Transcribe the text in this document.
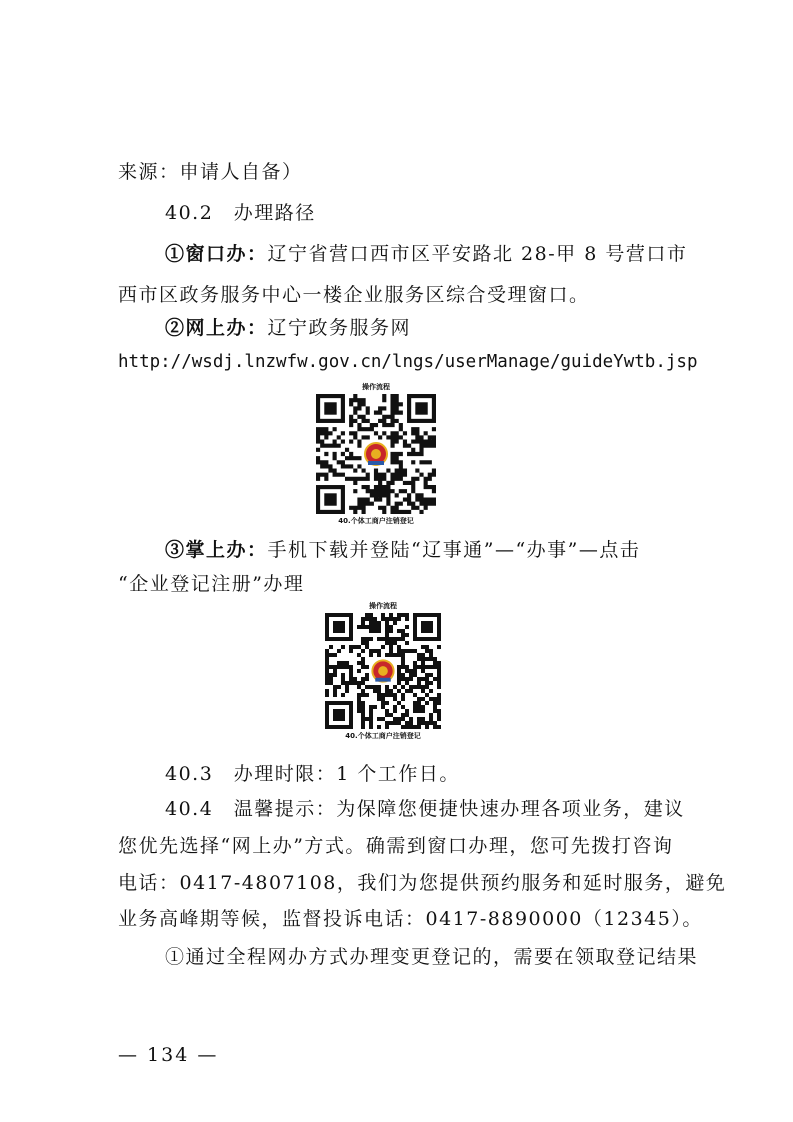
来源：申请人自备）
40.2　办理路径
①窗口办：辽宁省营口西市区平安路北 28-甲 8 号营口市
西市区政务服务中心一楼企业服务区综合受理窗口。
②网上办：辽宁政务服务网
http://wsdj.lnzwfw.gov.cn/lngs/userManage/guideYwtb.jsp
操作流程
40.个体工商户注销登记
③掌上办：手机下载并登陆“辽事通”—“办事”—点击
“企业登记注册”办理
操作流程
40.个体工商户注销登记
40.3　办理时限：1 个工作日。
40.4　温馨提示：为保障您便捷快速办理各项业务，建议
您优先选择“网上办”方式。确需到窗口办理，您可先拨打咨询
电话：0417-4807108，我们为您提供预约服务和延时服务，避免
业务高峰期等候，监督投诉电话：0417-8890000（12345）。
①通过全程网办方式办理变更登记的，需要在领取登记结果
— 134 —
